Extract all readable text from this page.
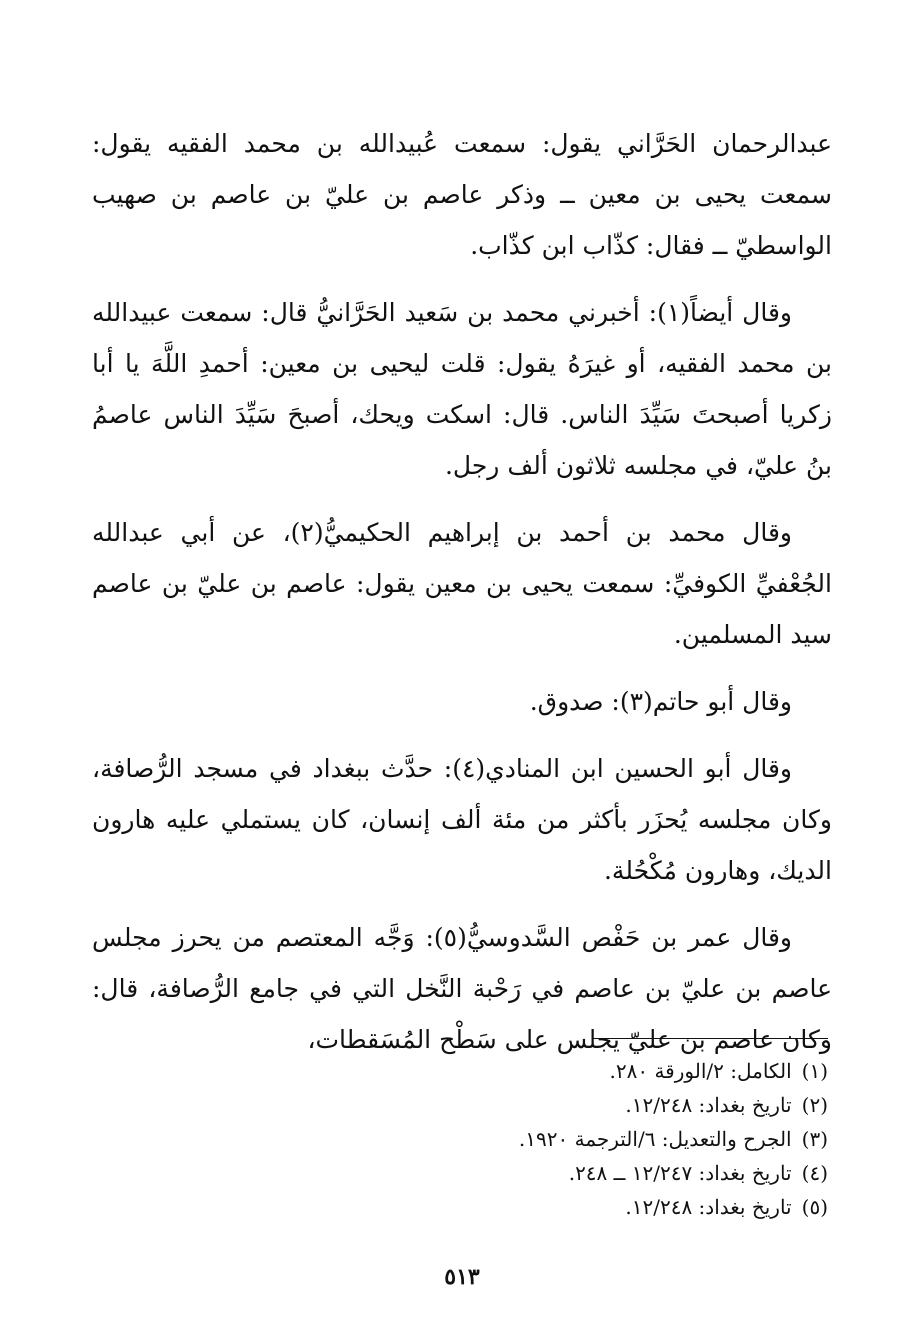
عبدالرحمان الحَرَّاني يقول: سمعت عُبيدالله بن محمد الفقيه يقول: سمعت يحيى بن معين ــ وذكر عاصم بن عليّ بن عاصم بن صهيب الواسطيّ ــ فقال: كذّاب ابن كذّاب.

وقال أيضاً(١): أخبرني محمد بن سَعيد الحَرَّانيُّ قال: سمعت عبيدالله بن محمد الفقيه، أو غيرَهُ يقول: قلت ليحيى بن معين: أحمدِ اللَّهَ يا أبا زكريا أصبحتَ سَيِّدَ الناس. قال: اسكت ويحك، أصبحَ سَيِّدَ الناس عاصمُ بنُ عليّ، في مجلسه ثلاثون ألف رجل.

وقال محمد بن أحمد بن إبراهيم الحكيميُّ(٢)، عن أبي عبدالله الجُعْفيِّ الكوفيِّ: سمعت يحيى بن معين يقول: عاصم بن عليّ بن عاصم سيد المسلمين.

وقال أبو حاتم(٣): صدوق.

وقال أبو الحسين ابن المنادي(٤): حدَّث ببغداد في مسجد الرُّصافة، وكان مجلسه يُحزَر بأكثر من مئة ألف إنسان، كان يستملي عليه هارون الديك، وهارون مُكْحُلة.

وقال عمر بن حَفْص السَّدوسيُّ(٥): وَجَّه المعتصم من يحرز مجلس عاصم بن عليّ بن عاصم في رَحْبة النَّخل التي في جامع الرُّصافة، قال: وكان عاصم بن عليّ يجلس على سَطْح المُسَقطات،

(١)الكامل: ٢/الورقة ٢٨٠.
(٢)تاريخ بغداد: ١٢/٢٤٨.
(٣)الجرح والتعديل: ٦/الترجمة ١٩٢٠.
(٤)تاريخ بغداد: ١٢/٢٤٧ ــ ٢٤٨.
(٥)تاريخ بغداد: ١٢/٢٤٨.
٥١٣
